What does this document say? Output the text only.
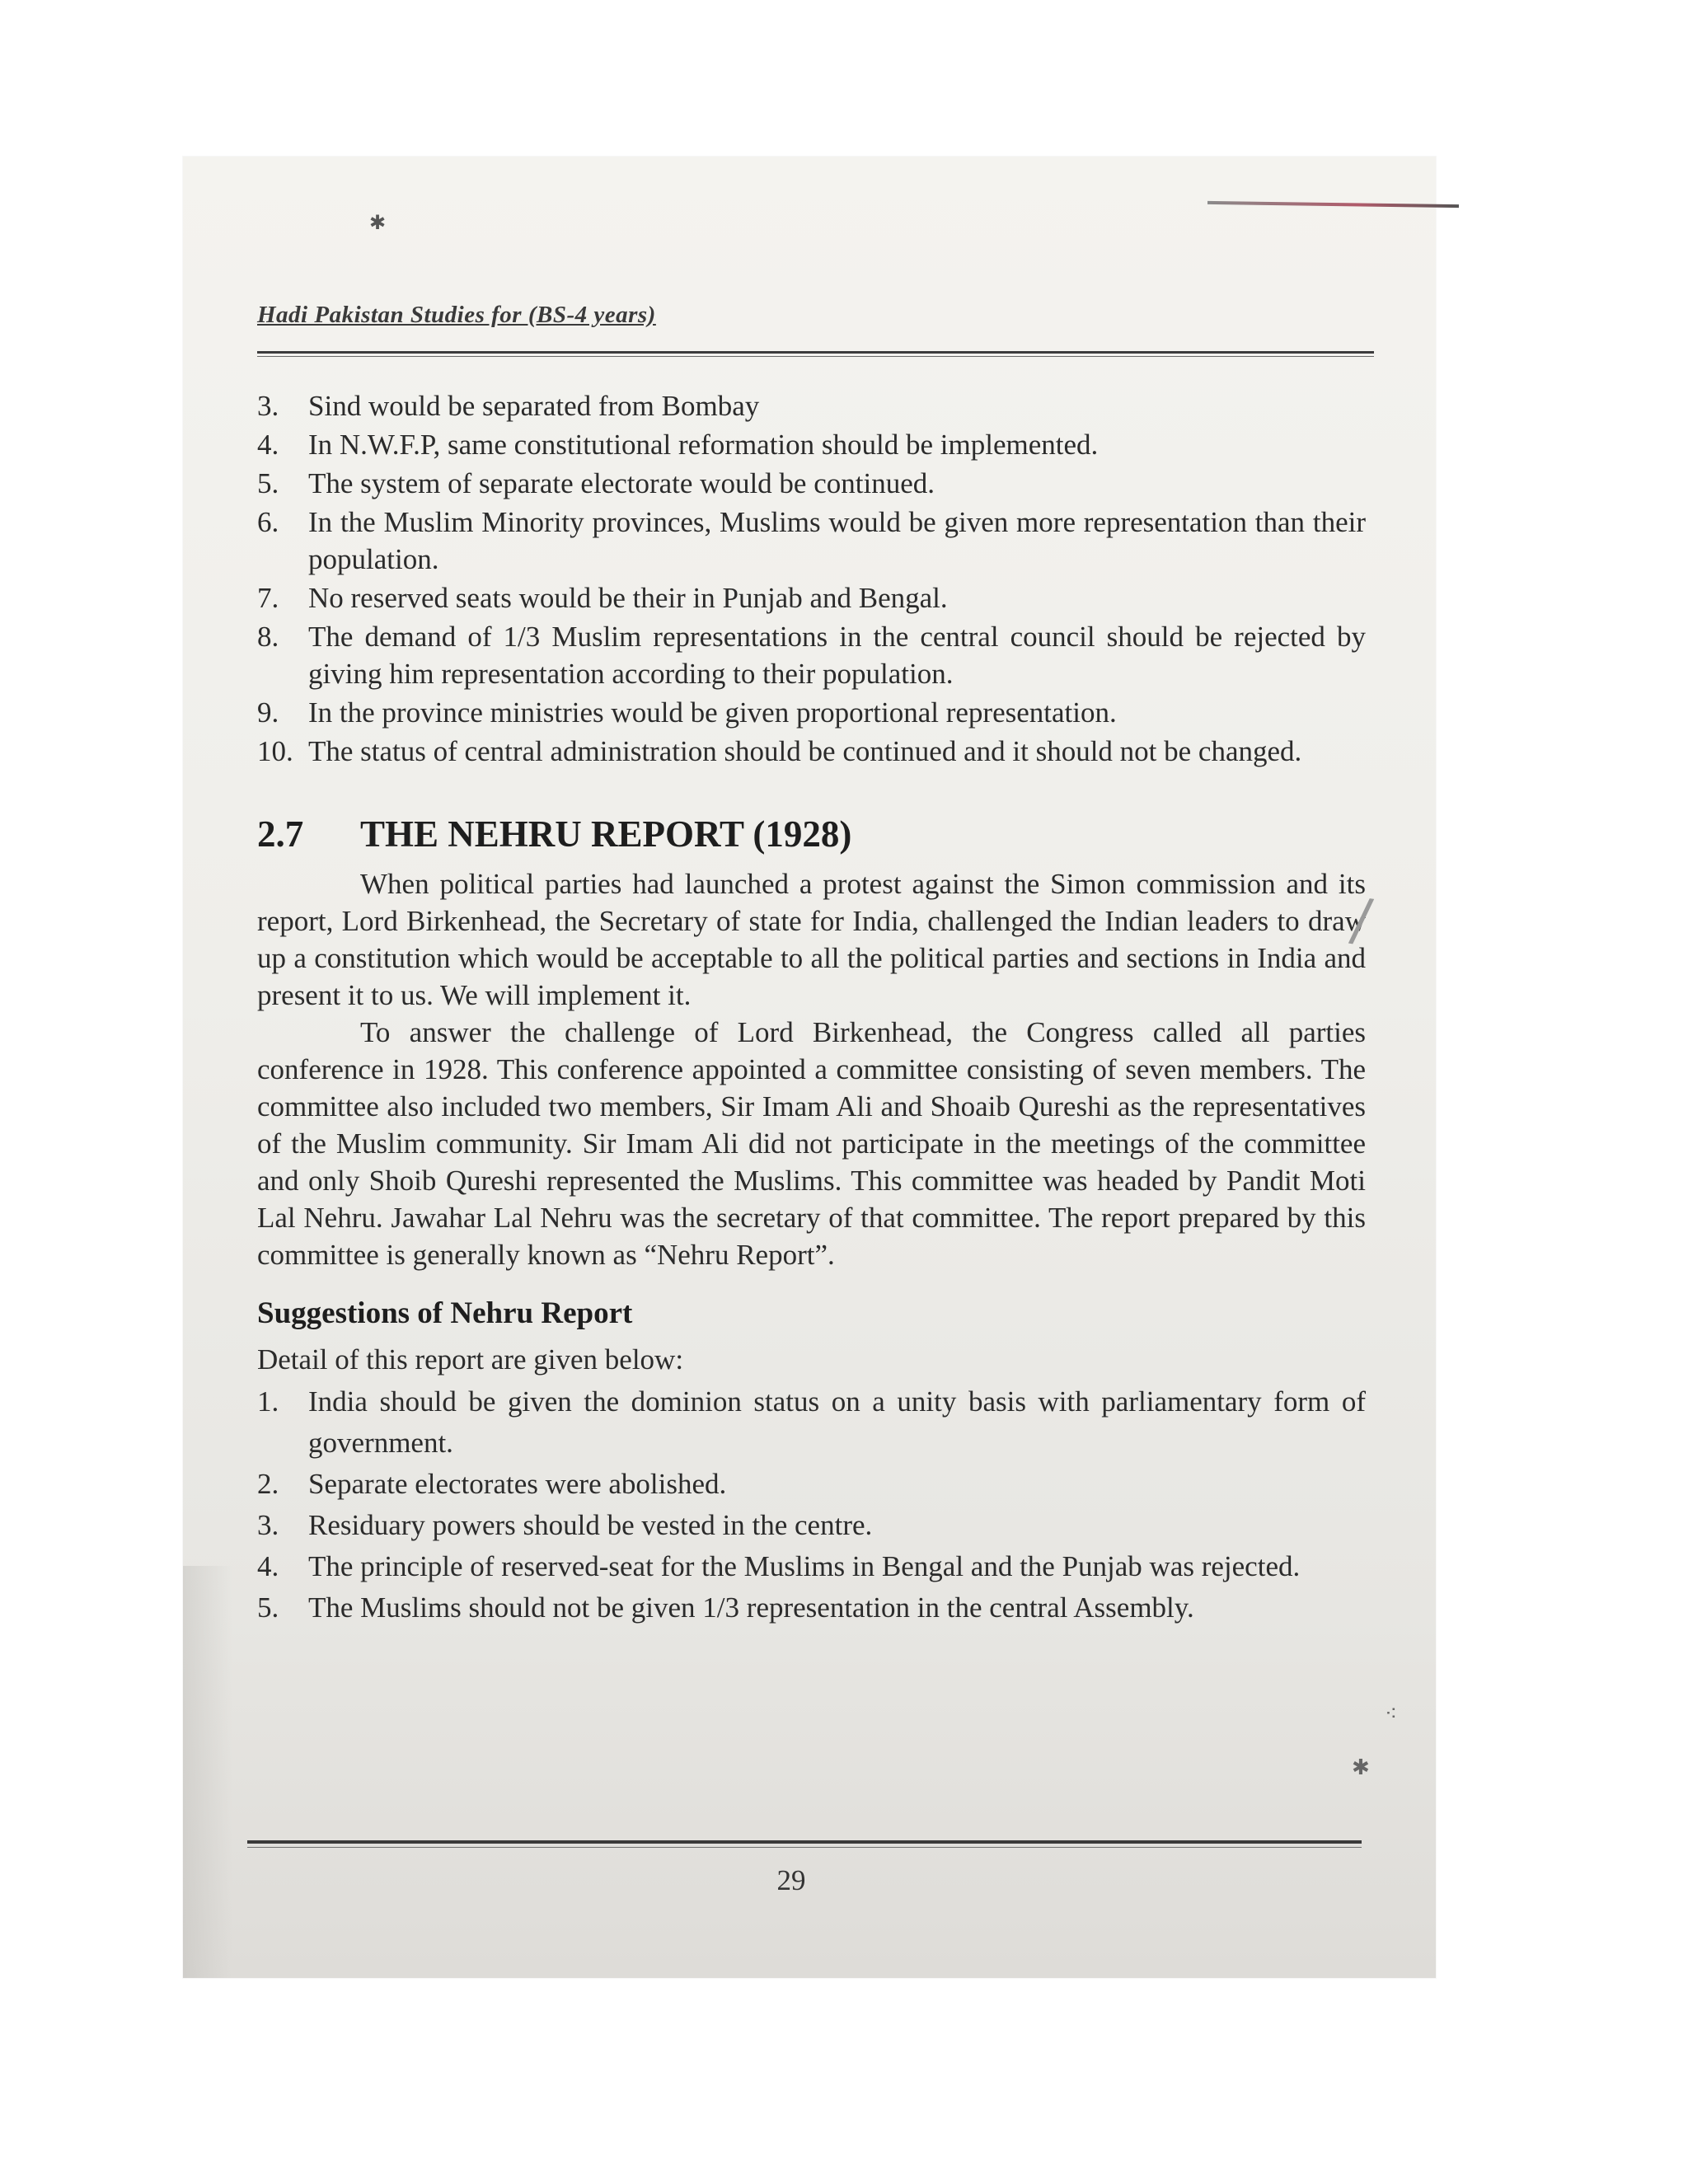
✱
Hadi Pakistan Studies for (BS-4 years)
3.	Sind would be separated from Bombay
4.	In N.W.F.P, same constitutional reformation should be implemented.
5.	The system of separate electorate would be continued.
6.	In the Muslim Minority provinces, Muslims would be given more representation than their population.
7.	No reserved seats would be their in Punjab and Bengal.
8.	The demand of 1/3 Muslim representations in the central council should be rejected by giving him representation according to their population.
9.	In the province ministries would be given proportional representation.
10. The status of central administration should be continued and it should not be changed.
2.7 THE NEHRU REPORT (1928)

When political parties had launched a protest against the Simon commission and its report, Lord Birkenhead, the Secretary of state for India, challenged the Indian leaders to draw up a constitution which would be acceptable to all the political parties and sections in India and present it to us. We will implement it.

To answer the challenge of Lord Birkenhead, the Congress called all parties conference in 1928. This conference appointed a committee consisting of seven members. The committee also included two members, Sir Imam Ali and Shoaib Qureshi as the representatives of the Muslim community. Sir Imam Ali did not participate in the meetings of the committee and only Shoib Qureshi represented the Muslims. This committee was headed by Pandit Moti Lal Nehru. Jawahar Lal Nehru was the secretary of that committee. The report prepared by this committee is generally known as “Nehru Report”.

Suggestions of Nehru Report
Detail of this report are given below:
1.	India should be given the dominion status on a unity basis with parliamentary form of government.
2.	Separate electorates were abolished.
3.	Residuary powers should be vested in the centre.
4.	The principle of reserved-seat for the Muslims in Bengal and the Punjab was rejected.
5.	The Muslims should not be given 1/3 representation in the central Assembly.
/
⁖
✱
29
